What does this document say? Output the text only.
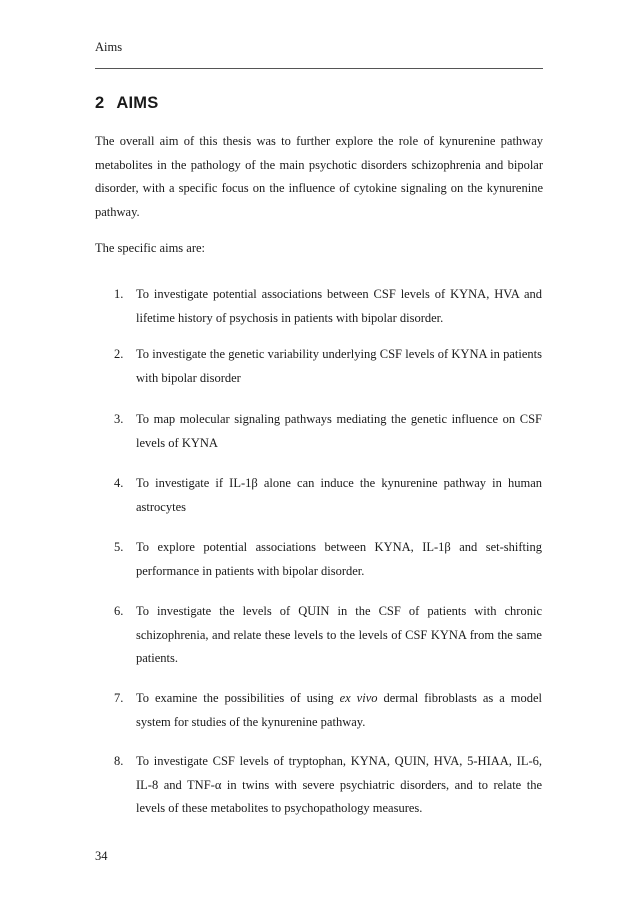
Aims
2 AIMS

The overall aim of this thesis was to further explore the role of kynurenine pathway metabolites in the pathology of the main psychotic disorders schizophrenia and bipolar disorder, with a specific focus on the influence of cytokine signaling on the kynurenine pathway.

The specific aims are:

1.	To investigate potential associations between CSF levels of KYNA, HVA and lifetime history of psychosis in patients with bipolar disorder.
2.	To investigate the genetic variability underlying CSF levels of KYNA in patients with bipolar disorder
3.	To map molecular signaling pathways mediating the genetic influence on CSF levels of KYNA
4.	To investigate if IL-1β alone can induce the kynurenine pathway in human astrocytes
5.	To explore potential associations between KYNA, IL-1β and set-shifting performance in patients with bipolar disorder.
6.	To investigate the levels of QUIN in the CSF of patients with chronic schizophrenia, and relate these levels to the levels of CSF KYNA from the same patients.
7.	To examine the possibilities of using ex vivo dermal fibroblasts as a model system for studies of the kynurenine pathway.
8.	To investigate CSF levels of tryptophan, KYNA, QUIN, HVA, 5-HIAA, IL-6, IL-8 and TNF-α in twins with severe psychiatric disorders, and to relate the levels of these metabolites to psychopathology measures.
34
